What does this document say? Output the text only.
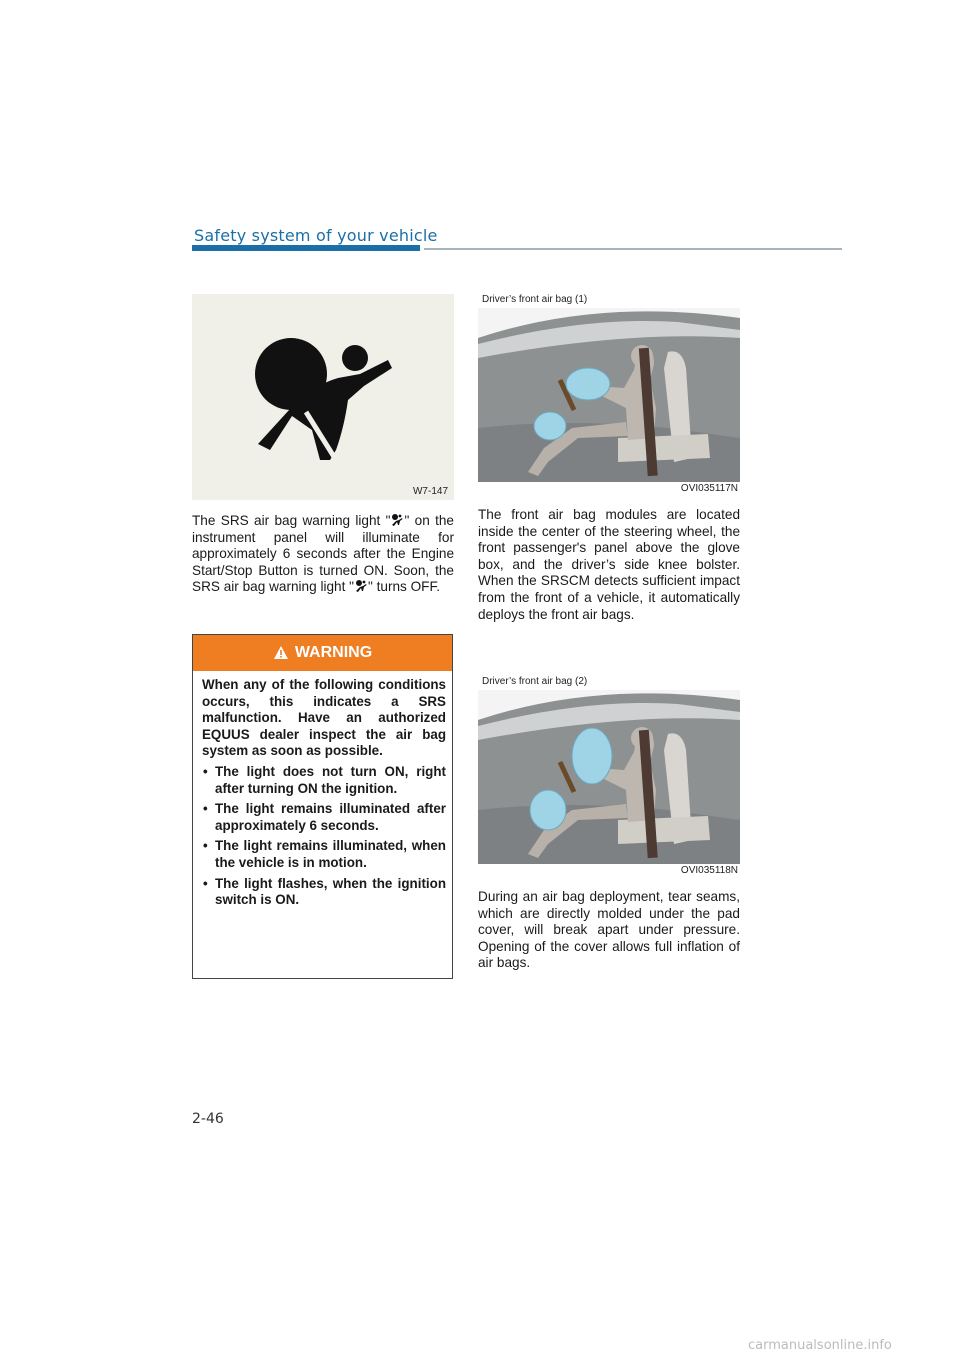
Safety system of your vehicle
W7-147
The SRS air bag warning light " " on the instrument panel will illuminate for approximately 6 seconds after the Engine Start/Stop Button is turned ON. Soon, the SRS air bag warning light " " turns OFF.
WARNING
When any of the following conditions occurs, this indicates a SRS malfunction. Have an authorized EQUUS dealer inspect the air bag system as soon as possible.
• The light does not turn ON, right after turning ON the ignition.
• The light remains illuminated after approximately 6 seconds.
• The light remains illuminated, when the vehicle is in motion.
• The light flashes, when the ignition switch is ON.
Driver’s front air bag (1)
OVI035117N
The front air bag modules are located inside the center of the steering wheel, the front passenger's panel above the glove box, and the driver’s side knee bolster. When the SRSCM detects sufficient impact from the front of a vehicle, it automatically deploys the front air bags.
Driver’s front air bag (2)
OVI035118N
During an air bag deployment, tear seams, which are directly molded under the pad cover, will break apart under pressure. Opening of the cover allows full inflation of air bags.
2-46
carmanualsonline.info
